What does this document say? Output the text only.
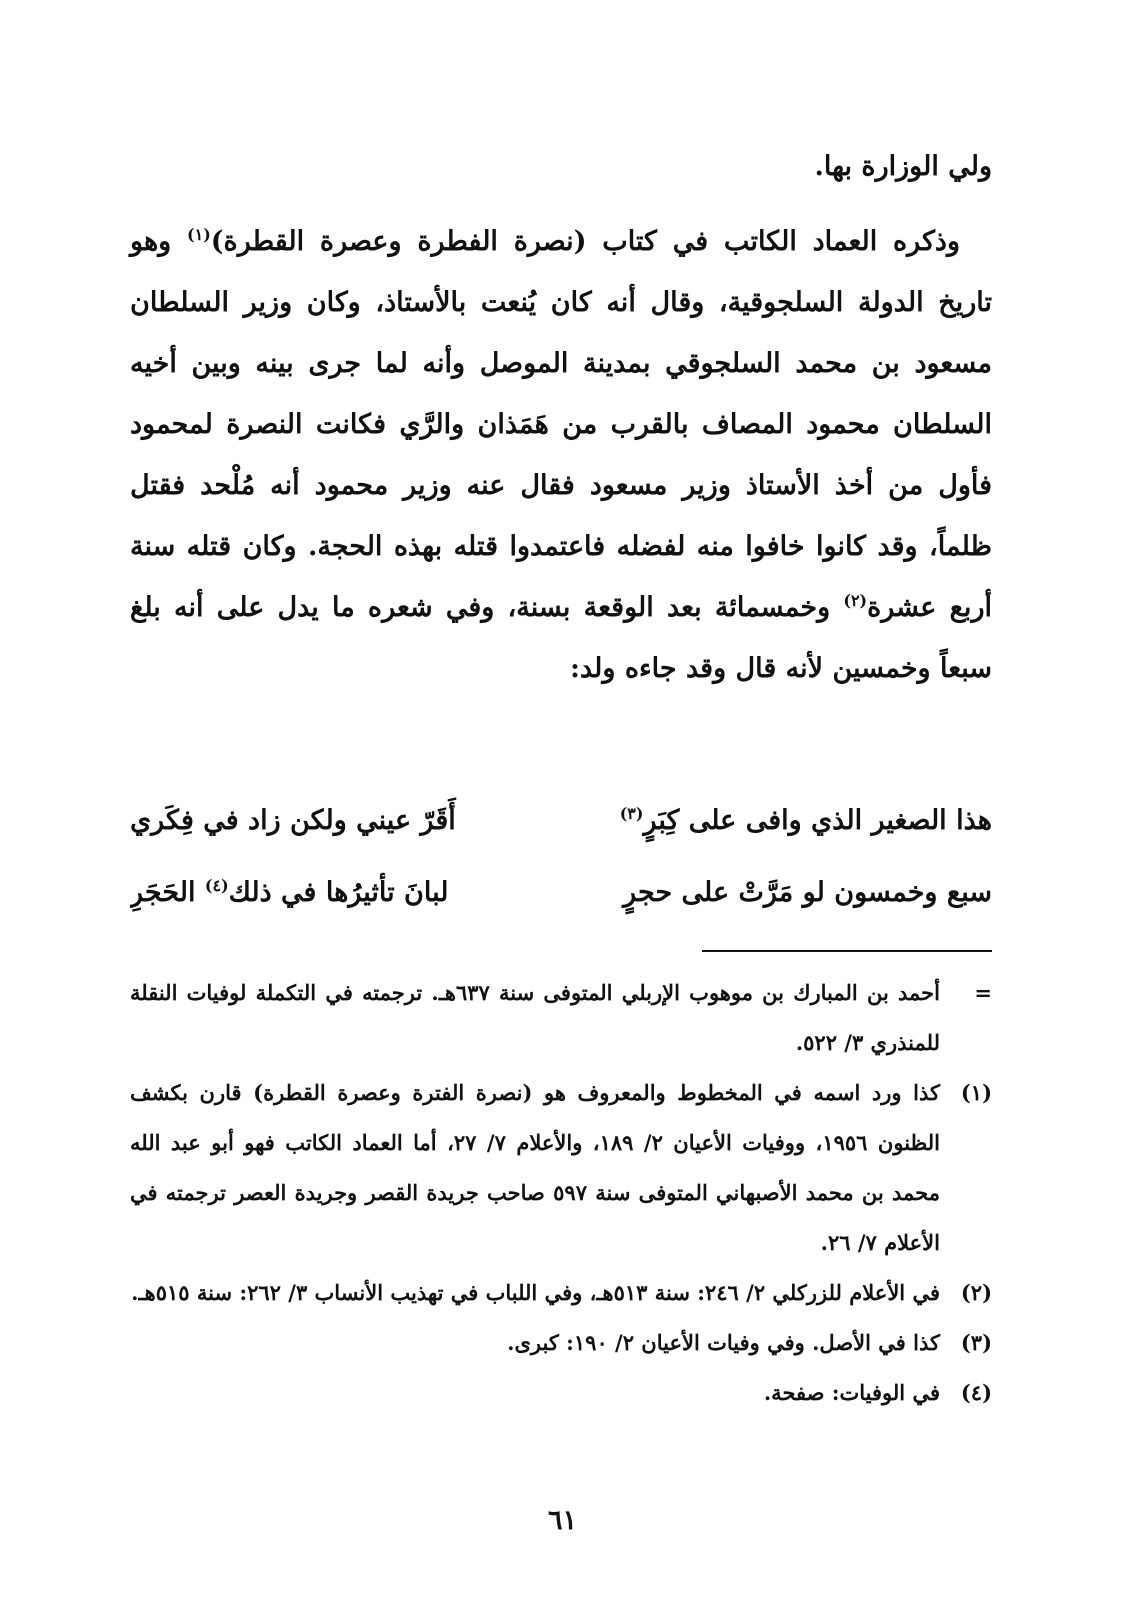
ولي الوزارة بها.

وذكره العماد الكاتب في كتاب (نصرة الفطرة وعصرة القطرة)$^{(١)}$ وهو تاريخ الدولة السلجوقية، وقال أنه كان يُنعت بالأستاذ، وكان وزير السلطان مسعود بن محمد السلجوقي بمدينة الموصل وأنه لما جرى بينه وبين أخيه السلطان محمود المصاف بالقرب من هَمَذان والرَّي فكانت النصرة لمحمود فأول من أخذ الأستاذ وزير مسعود فقال عنه وزير محمود أنه مُلْحد فقتل ظلماً، وقد كانوا خافوا منه لفضله فاعتمدوا قتله بهذه الحجة. وكان قتله سنة أربع عشرة$^{(٢)}$ وخمسمائة بعد الوقعة بسنة، وفي شعره ما يدل على أنه بلغ سبعاً وخمسين لأنه قال وقد جاءه ولد:

هذا الصغير الذي وافى على كِبَرٍ$^{(٣)}$
أَقَرّ عيني ولكن زاد في فِكَري
سبع وخمسون لو مَرَّتْ على حجرٍ
لبانَ تأثيرُها في ذلك$^{(٤)}$ الحَجَرِ
=
أحمد بن المبارك بن موهوب الإربلي المتوفى سنة ٦٣٧هـ. ترجمته في التكملة لوفيات النقلة للمنذري ٣/ ٥٢٢.
(١)
كذا ورد اسمه في المخطوط والمعروف هو (نصرة الفترة وعصرة القطرة) قارن بكشف الظنون ١٩٥٦، ووفيات الأعيان ٢/ ١٨٩، والأعلام ٧/ ٢٧، أما العماد الكاتب فهو أبو عبد الله محمد بن محمد الأصبهاني المتوفى سنة ٥٩٧ صاحب جريدة القصر وجريدة العصر ترجمته في الأعلام ٧/ ٢٦.
(٢)
في الأعلام للزركلي ٢/ ٢٤٦: سنة ٥١٣هـ، وفي اللباب في تهذيب الأنساب ٣/ ٢٦٢: سنة ٥١٥هـ.
(٣)
كذا في الأصل. وفي وفيات الأعيان ٢/ ١٩٠: كبرى.
(٤)
في الوفيات: صفحة.
٦١
